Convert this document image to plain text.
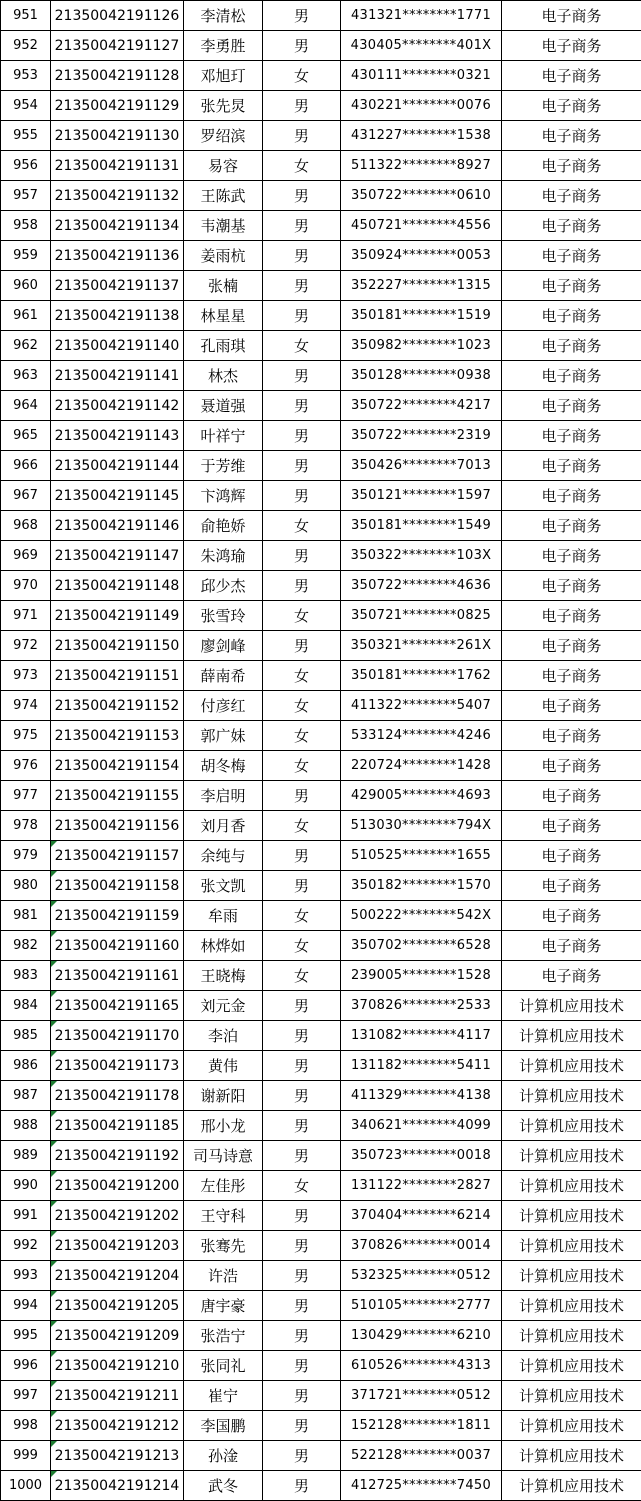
951	21350042191126	李清松	男	431321********1771	电子商务
952	21350042191127	李勇胜	男	430405********401X	电子商务
953	21350042191128	邓旭玎	女	430111********0321	电子商务
954	21350042191129	张先炅	男	430221********0076	电子商务
955	21350042191130	罗绍滨	男	431227********1538	电子商务
956	21350042191131	易容	女	511322********8927	电子商务
957	21350042191132	王陈武	男	350722********0610	电子商务
958	21350042191134	韦潮基	男	450721********4556	电子商务
959	21350042191136	姜雨杭	男	350924********0053	电子商务
960	21350042191137	张楠	男	352227********1315	电子商务
961	21350042191138	林星星	男	350181********1519	电子商务
962	21350042191140	孔雨琪	女	350982********1023	电子商务
963	21350042191141	林杰	男	350128********0938	电子商务
964	21350042191142	聂道强	男	350722********4217	电子商务
965	21350042191143	叶祥宁	男	350722********2319	电子商务
966	21350042191144	于芳维	男	350426********7013	电子商务
967	21350042191145	卞鸿辉	男	350121********1597	电子商务
968	21350042191146	俞艳娇	女	350181********1549	电子商务
969	21350042191147	朱鸿瑜	男	350322********103X	电子商务
970	21350042191148	邱少杰	男	350722********4636	电子商务
971	21350042191149	张雪玲	女	350721********0825	电子商务
972	21350042191150	廖剑峰	男	350321********261X	电子商务
973	21350042191151	薛南希	女	350181********1762	电子商务
974	21350042191152	付彦红	女	411322********5407	电子商务
975	21350042191153	郭广妹	女	533124********4246	电子商务
976	21350042191154	胡冬梅	女	220724********1428	电子商务
977	21350042191155	李启明	男	429005********4693	电子商务
978	21350042191156	刘月香	女	513030********794X	电子商务
979	21350042191157	余纯与	男	510525********1655	电子商务
980	21350042191158	张文凯	男	350182********1570	电子商务
981	21350042191159	牟雨	女	500222********542X	电子商务
982	21350042191160	林烨如	女	350702********6528	电子商务
983	21350042191161	王晓梅	女	239005********1528	电子商务
984	21350042191165	刘元金	男	370826********2533	计算机应用技术
985	21350042191170	李泊	男	131082********4117	计算机应用技术
986	21350042191173	黄伟	男	131182********5411	计算机应用技术
987	21350042191178	谢新阳	男	411329********4138	计算机应用技术
988	21350042191185	邢小龙	男	340621********4099	计算机应用技术
989	21350042191192	司马诗意	男	350723********0018	计算机应用技术
990	21350042191200	左佳彤	女	131122********2827	计算机应用技术
991	21350042191202	王守科	男	370404********6214	计算机应用技术
992	21350042191203	张骞先	男	370826********0014	计算机应用技术
993	21350042191204	许浩	男	532325********0512	计算机应用技术
994	21350042191205	唐宇豪	男	510105********2777	计算机应用技术
995	21350042191209	张浩宁	男	130429********6210	计算机应用技术
996	21350042191210	张同礼	男	610526********4313	计算机应用技术
997	21350042191211	崔宁	男	371721********0512	计算机应用技术
998	21350042191212	李国鹏	男	152128********1811	计算机应用技术
999	21350042191213	孙淦	男	522128********0037	计算机应用技术
1000	21350042191214	武冬	男	412725********7450	计算机应用技术
